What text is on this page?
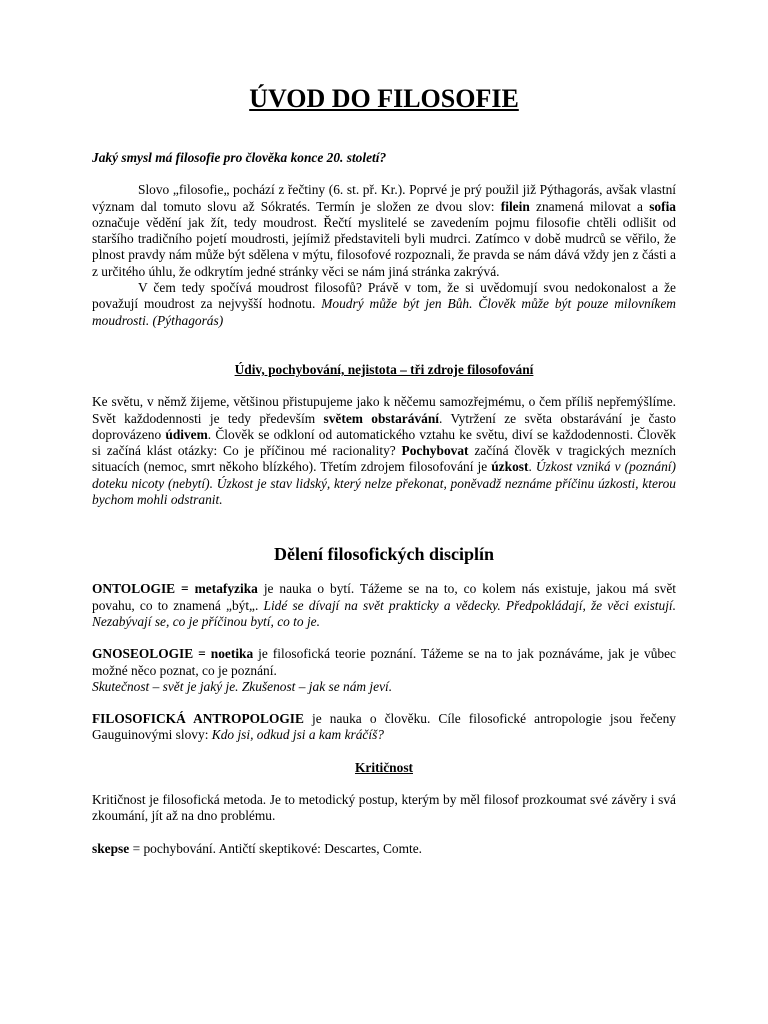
ÚVOD DO FILOSOFIE

Jaký smysl má filosofie pro člověka konce 20. století?

Slovo „filosofie„ pochází z řečtiny (6. st. př. Kr.). Poprvé je prý použil již Pýthagorás, avšak vlastní význam dal tomuto slovu až Sókratés. Termín je složen ze dvou slov: filein znamená milovat a sofia označuje vědění jak žít, tedy moudrost. Řečtí myslitelé se zavedením pojmu filosofie chtěli odlišit od staršího tradičního pojetí moudrosti, jejímiž představiteli byli mudrci. Zatímco v době mudrců se věřilo, že plnost pravdy nám může být sdělena v mýtu, filosofové rozpoznali, že pravda se nám dává vždy jen z části a z určitého úhlu, že odkrytím jedné stránky věci se nám jiná stránka zakrývá.

V čem tedy spočívá moudrost filosofů? Právě v tom, že si uvědomují svou nedokonalost a že považují moudrost za nejvyšší hodnotu. Moudrý může být jen Bůh. Člověk může být pouze milovníkem moudrosti. (Pýthagorás)

Údiv, pochybování, nejistota – tři zdroje filosofování

Ke světu, v němž žijeme, většinou přistupujeme jako k něčemu samozřejmému, o čem příliš nepřemýšlíme. Svět každodennosti je tedy především světem obstarávání. Vytržení ze světa obstarávání je často doprovázeno údivem. Člověk se odkloní od automatického vztahu ke světu, diví se každodennosti. Člověk si začíná klást otázky: Co je příčinou mé racionality? Pochybovat začíná člověk v tragických mezních situacích (nemoc, smrt někoho blízkého). Třetím zdrojem filosofování je úzkost. Úzkost vzniká v (poznání) doteku nicoty (nebytí). Úzkost je stav lidský, který nelze překonat, poněvadž neznáme příčinu úzkosti, kterou bychom mohli odstranit.

Dělení filosofických disciplín

ONTOLOGIE = metafyzika je nauka o bytí. Tážeme se na to, co kolem nás existuje, jakou má svět povahu, co to znamená „být„. Lidé se dívají na svět prakticky a vědecky. Předpokládají, že věci existují. Nezabývají se, co je příčinou bytí, co to je.

GNOSEOLOGIE = noetika je filosofická teorie poznání. Tážeme se na to jak poznáváme, jak je vůbec možné něco poznat, co je poznání.

Skutečnost – svět je jaký je. Zkušenost – jak se nám jeví.

FILOSOFICKÁ ANTROPOLOGIE je nauka o člověku. Cíle filosofické antropologie jsou řečeny Gauguinovými slovy: Kdo jsi, odkud jsi a kam kráčíš?

Kritičnost

Kritičnost je filosofická metoda. Je to metodický postup, kterým by měl filosof prozkoumat své závěry i svá zkoumání, jít až na dno problému.

skepse = pochybování. Antičtí skeptikové: Descartes, Comte.
